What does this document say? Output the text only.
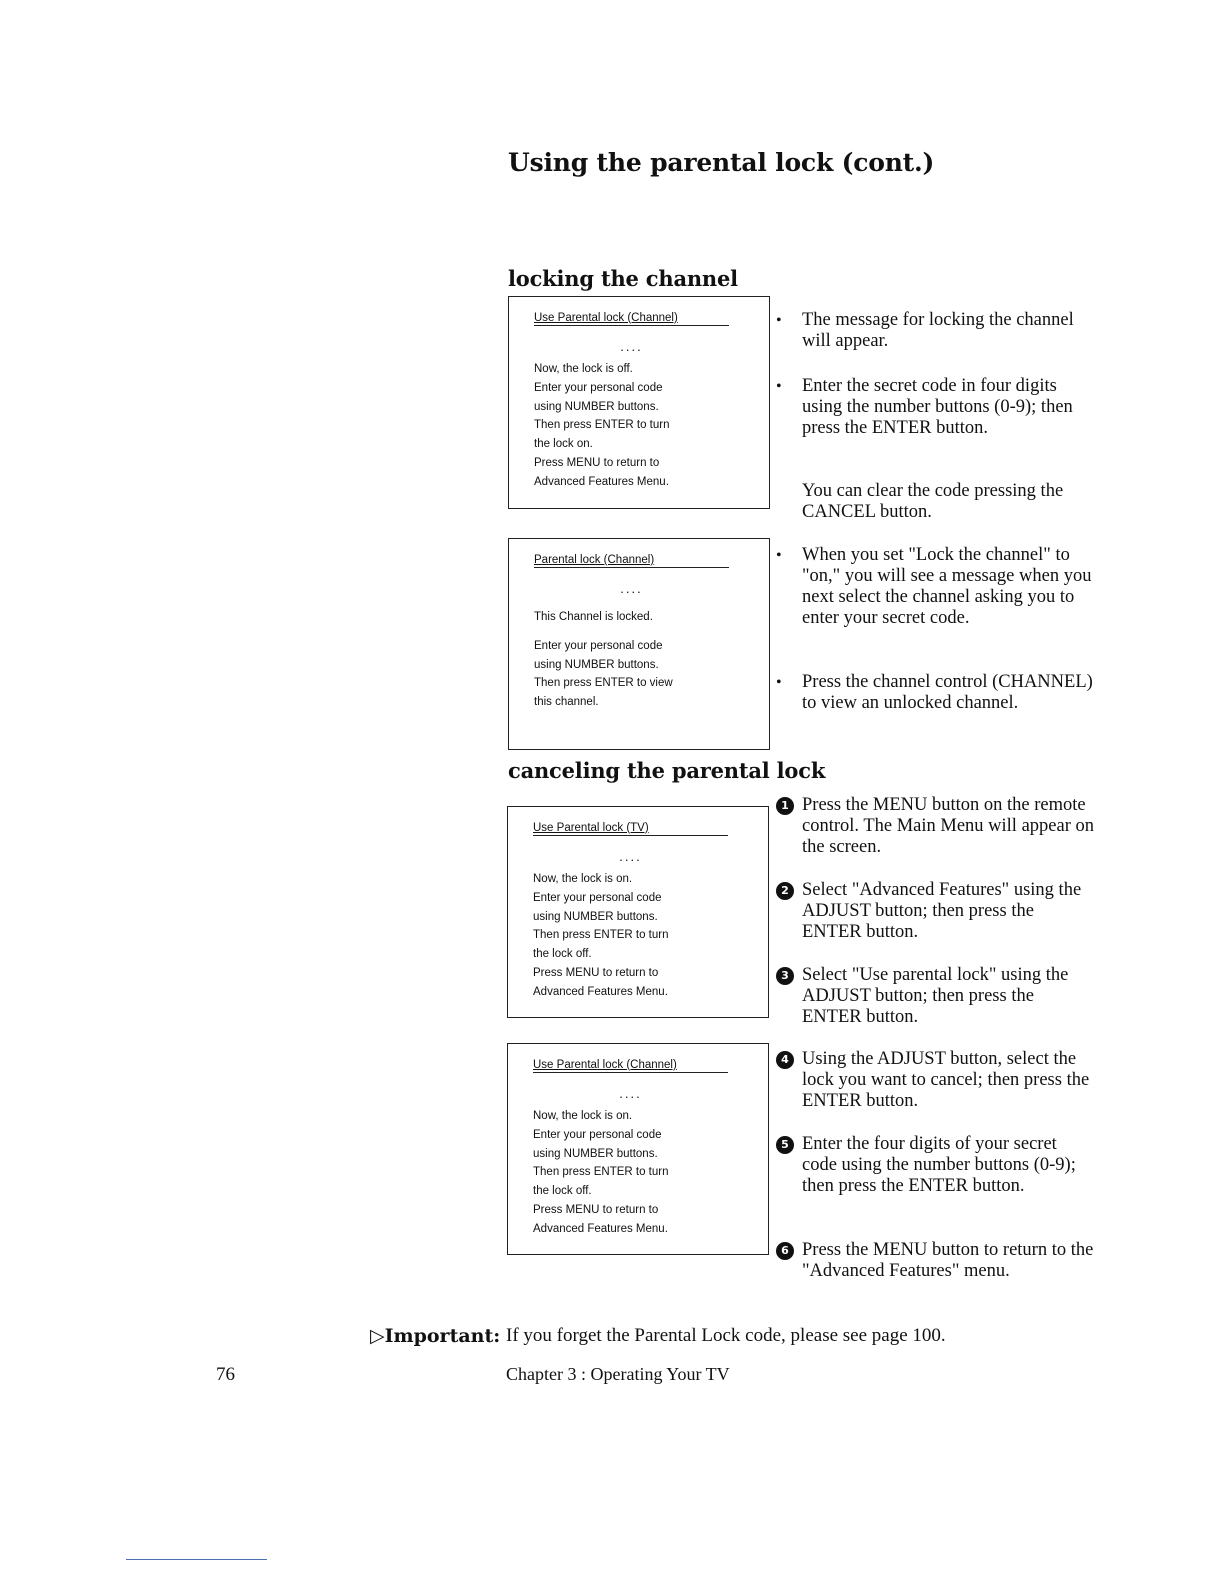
Using the parental lock (cont.)
locking the channel
Use Parental lock (Channel)
....
Now, the lock is off.
Enter your personal code
using NUMBER buttons.
Then press ENTER to turn
the lock on.
Press MENU to return to
Advanced Features Menu.
Parental lock (Channel)
....
This Channel is locked.
Enter your personal code
using NUMBER buttons.
Then press ENTER to view
this channel.
• The message for locking the channel will appear.
• Enter the secret code in four digits using the number buttons (0-9); then press the ENTER button.
You can clear the code pressing the CANCEL button.
• When you set "Lock the channel" to "on," you will see a message when you next select the channel asking you to enter your secret code.
• Press the channel control (CHANNEL) to view an unlocked channel.
canceling the parental lock
Use Parental lock (TV)
....
Now, the lock is on.
Enter your personal code
using NUMBER buttons.
Then press ENTER to turn
the lock off.
Press MENU to return to
Advanced Features Menu.
Use Parental lock (Channel)
....
Now, the lock is on.
Enter your personal code
using NUMBER buttons.
Then press ENTER to turn
the lock off.
Press MENU to return to
Advanced Features Menu.
1 Press the MENU button on the remote control. The Main Menu will appear on the screen.
2 Select "Advanced Features" using the ADJUST button; then press the ENTER button.
3 Select "Use parental lock" using the ADJUST button; then press the ENTER button.
4 Using the ADJUST button, select the lock you want to cancel; then press the ENTER button.
5 Enter the four digits of your secret code using the number buttons (0-9); then press the ENTER button.
6 Press the MENU button to return to the "Advanced Features" menu.
▷Important: If you forget the Parental Lock code, please see page 100.
76	Chapter 3 : Operating Your TV
